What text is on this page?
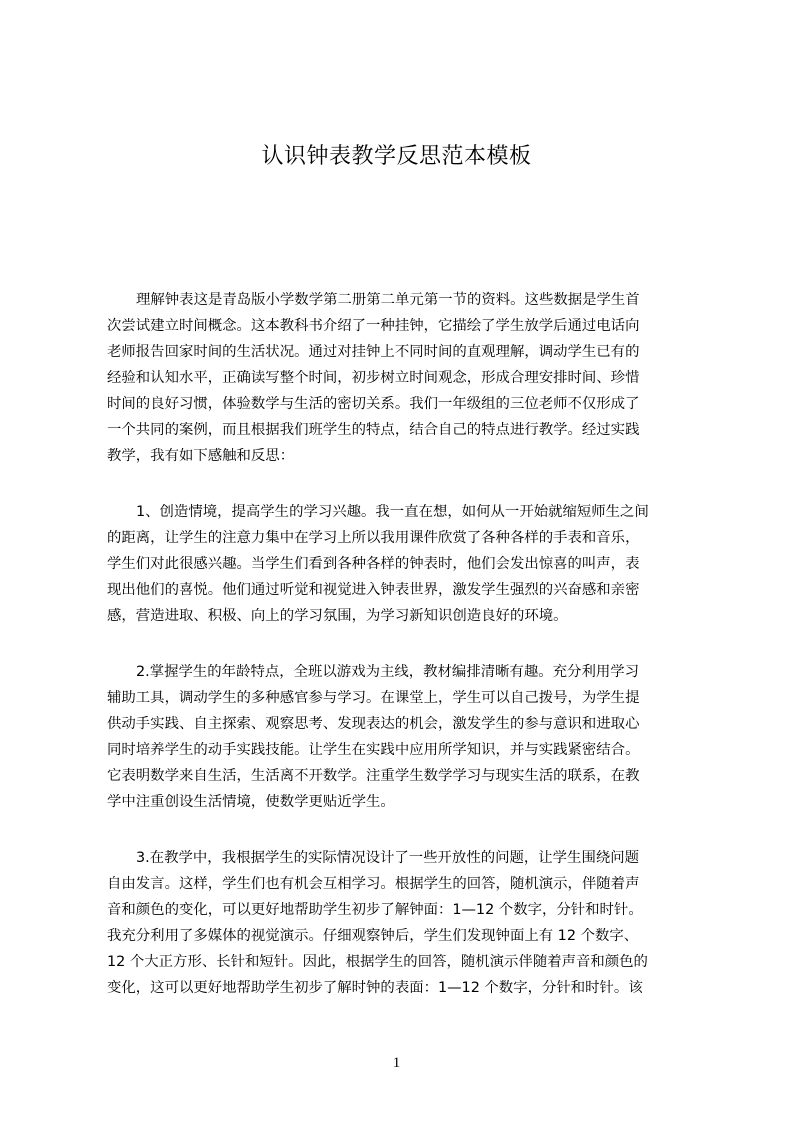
认识钟表教学反思范本模板
理解钟表这是青岛版小学数学第二册第二单元第一节的资料。这些数据是学生首
次尝试建立时间概念。这本教科书介绍了一种挂钟，它描绘了学生放学后通过电话向
老师报告回家时间的生活状况。通过对挂钟上不同时间的直观理解，调动学生已有的
经验和认知水平，正确读写整个时间，初步树立时间观念，形成合理安排时间、珍惜
时间的良好习惯，体验数学与生活的密切关系。我们一年级组的三位老师不仅形成了
一个共同的案例，而且根据我们班学生的特点，结合自己的特点进行教学。经过实践
教学，我有如下感触和反思：
1、创造情境，提高学生的学习兴趣。我一直在想，如何从一开始就缩短师生之间
的距离，让学生的注意力集中在学习上所以我用课件欣赏了各种各样的手表和音乐，
学生们对此很感兴趣。当学生们看到各种各样的钟表时，他们会发出惊喜的叫声，表
现出他们的喜悦。他们通过听觉和视觉进入钟表世界，激发学生强烈的兴奋感和亲密
感，营造进取、积极、向上的学习氛围，为学习新知识创造良好的环境。
2.掌握学生的年龄特点，全班以游戏为主线，教材编排清晰有趣。充分利用学习
辅助工具，调动学生的多种感官参与学习。在课堂上，学生可以自己拨号，为学生提
供动手实践、自主探索、观察思考、发现表达的机会，激发学生的参与意识和进取心
同时培养学生的动手实践技能。让学生在实践中应用所学知识，并与实践紧密结合。
它表明数学来自生活，生活离不开数学。注重学生数学学习与现实生活的联系，在教
学中注重创设生活情境，使数学更贴近学生。
3.在教学中，我根据学生的实际情况设计了一些开放性的问题，让学生围绕问题
自由发言。这样，学生们也有机会互相学习。根据学生的回答，随机演示，伴随着声
音和颜色的变化，可以更好地帮助学生初步了解钟面：1—12 个数字，分针和时针。
我充分利用了多媒体的视觉演示。仔细观察钟后，学生们发现钟面上有 12 个数字、
12 个大正方形、长针和短针。因此，根据学生的回答，随机演示伴随着声音和颜色的
变化，这可以更好地帮助学生初步了解时钟的表面：1—12 个数字，分针和时针。该
1
